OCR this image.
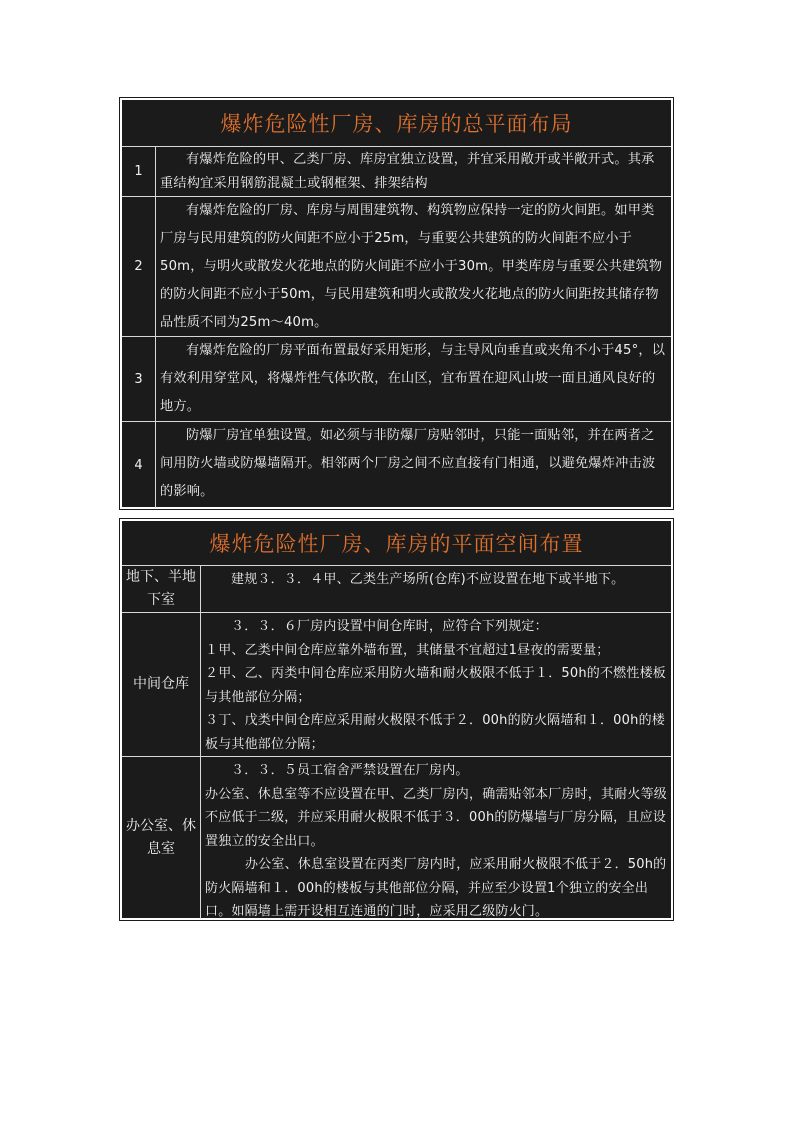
爆炸危险性厂房、库房的总平面布局
1
有爆炸危险的甲、乙类厂房、库房宜独立设置，并宜采用敞开或半敞开式。其承重结构宜采用钢筋混凝土或钢框架、排架结构
2
有爆炸危险的厂房、库房与周围建筑物、构筑物应保持一定的防火间距。如甲类厂房与民用建筑的防火间距不应小于25m，与重要公共建筑的防火间距不应小于50m，与明火或散发火花地点的防火间距不应小于30m。甲类库房与重要公共建筑物的防火间距不应小于50m，与民用建筑和明火或散发火花地点的防火间距按其储存物品性质不同为25m～40m。
3
有爆炸危险的厂房平面布置最好采用矩形，与主导风向垂直或夹角不小于45°，以有效利用穿堂风，将爆炸性气体吹散，在山区，宜布置在迎风山坡一面且通风良好的地方。
4
防爆厂房宜单独设置。如必须与非防爆厂房贴邻时，只能一面贴邻，并在两者之间用防火墙或防爆墙隔开。相邻两个厂房之间不应直接有门相通，以避免爆炸冲击波的影响。
爆炸危险性厂房、库房的平面空间布置
地下、半地下室

建规３．３．４甲、乙类生产场所(仓库)不应设置在地下或半地下。

中间仓库

３．３．６厂房内设置中间仓库时，应符合下列规定：

１甲、乙类中间仓库应靠外墙布置，其储量不宜超过1昼夜的需要量；

２甲、乙、丙类中间仓库应采用防火墙和耐火极限不低于１．50h的不燃性楼板与其他部位分隔；

３丁、戊类中间仓库应采用耐火极限不低于２．00h的防火隔墙和１．00h的楼板与其他部位分隔；

办公室、休息室

３．３．５员工宿舍严禁设置在厂房内。

办公室、休息室等不应设置在甲、乙类厂房内，确需贴邻本厂房时，其耐火等级不应低于二级，并应采用耐火极限不低于３．00h的防爆墙与厂房分隔，且应设置独立的安全出口。

办公室、休息室设置在丙类厂房内时，应采用耐火极限不低于２．50h的防火隔墙和１．00h的楼板与其他部位分隔，并应至少设置1个独立的安全出口。如隔墙上需开设相互连通的门时，应采用乙级防火门。
